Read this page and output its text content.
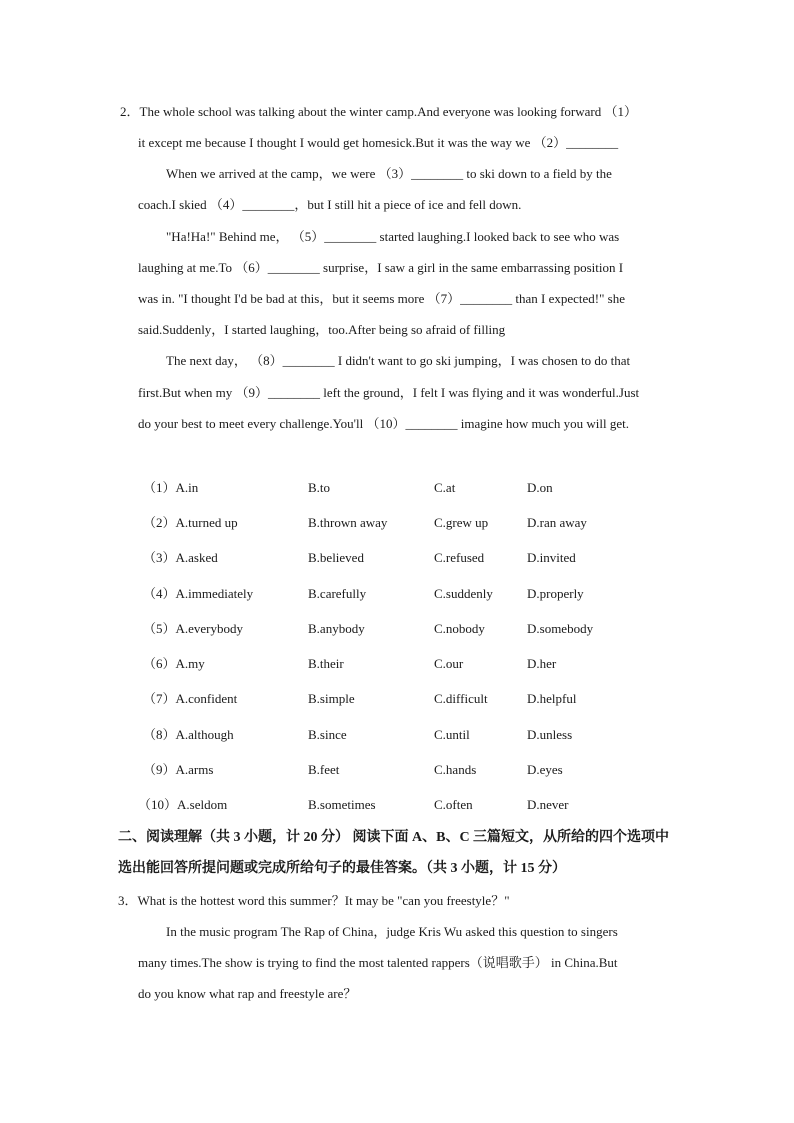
2．The whole school was talking about the winter camp.And everyone was looking forward （1）
it except me because I thought I would get homesick.But it was the way we （2）________
When we arrived at the camp，we were （3）________ to ski down to a field by the
coach.I skied （4）________，but I still hit a piece of ice and fell down.
"Ha!Ha!" Behind me， （5）________ started laughing.I looked back to see who was
laughing at me.To （6）________ surprise，I saw a girl in the same embarrassing position I
was in. "I thought I'd be bad at this，but it seems more （7）________ than I expected!" she
said.Suddenly，I started laughing，too.After being so afraid of filling
The next day， （8）________ I didn't want to go ski jumping，I was chosen to do that
first.But when my （9）________ left the ground，I felt I was flying and it was wonderful.Just
do your best to meet every challenge.You'll （10）________ imagine how much you will get.
（1）A.in	B.to	C.at	D.on
（2）A.turned up	B.thrown away	C.grew up	D.ran away
（3）A.asked	B.believed	C.refused	D.invited
（4）A.immediately	B.carefully	C.suddenly	D.properly
（5）A.everybody	B.anybody	C.nobody	D.somebody
（6）A.my	B.their	C.our	D.her
（7）A.confident	B.simple	C.difficult	D.helpful
（8）A.although	B.since	C.until	D.unless
（9）A.arms	B.feet	C.hands	D.eyes
（10）A.seldom	B.sometimes	C.often	D.never
二、阅读理解（共 3 小题，计 20 分） 阅读下面 A、B、C 三篇短文，从所给的四个选项中
选出能回答所提问题或完成所给句子的最佳答案。（共 3 小题，计 15 分）
3．What is the hottest word this summer？It may be "can you freestyle？"
In the music program The Rap of China，judge Kris Wu asked this question to singers
many times.The show is trying to find the most talented rappers（说唱歌手） in China.But
do you know what rap and freestyle are？
